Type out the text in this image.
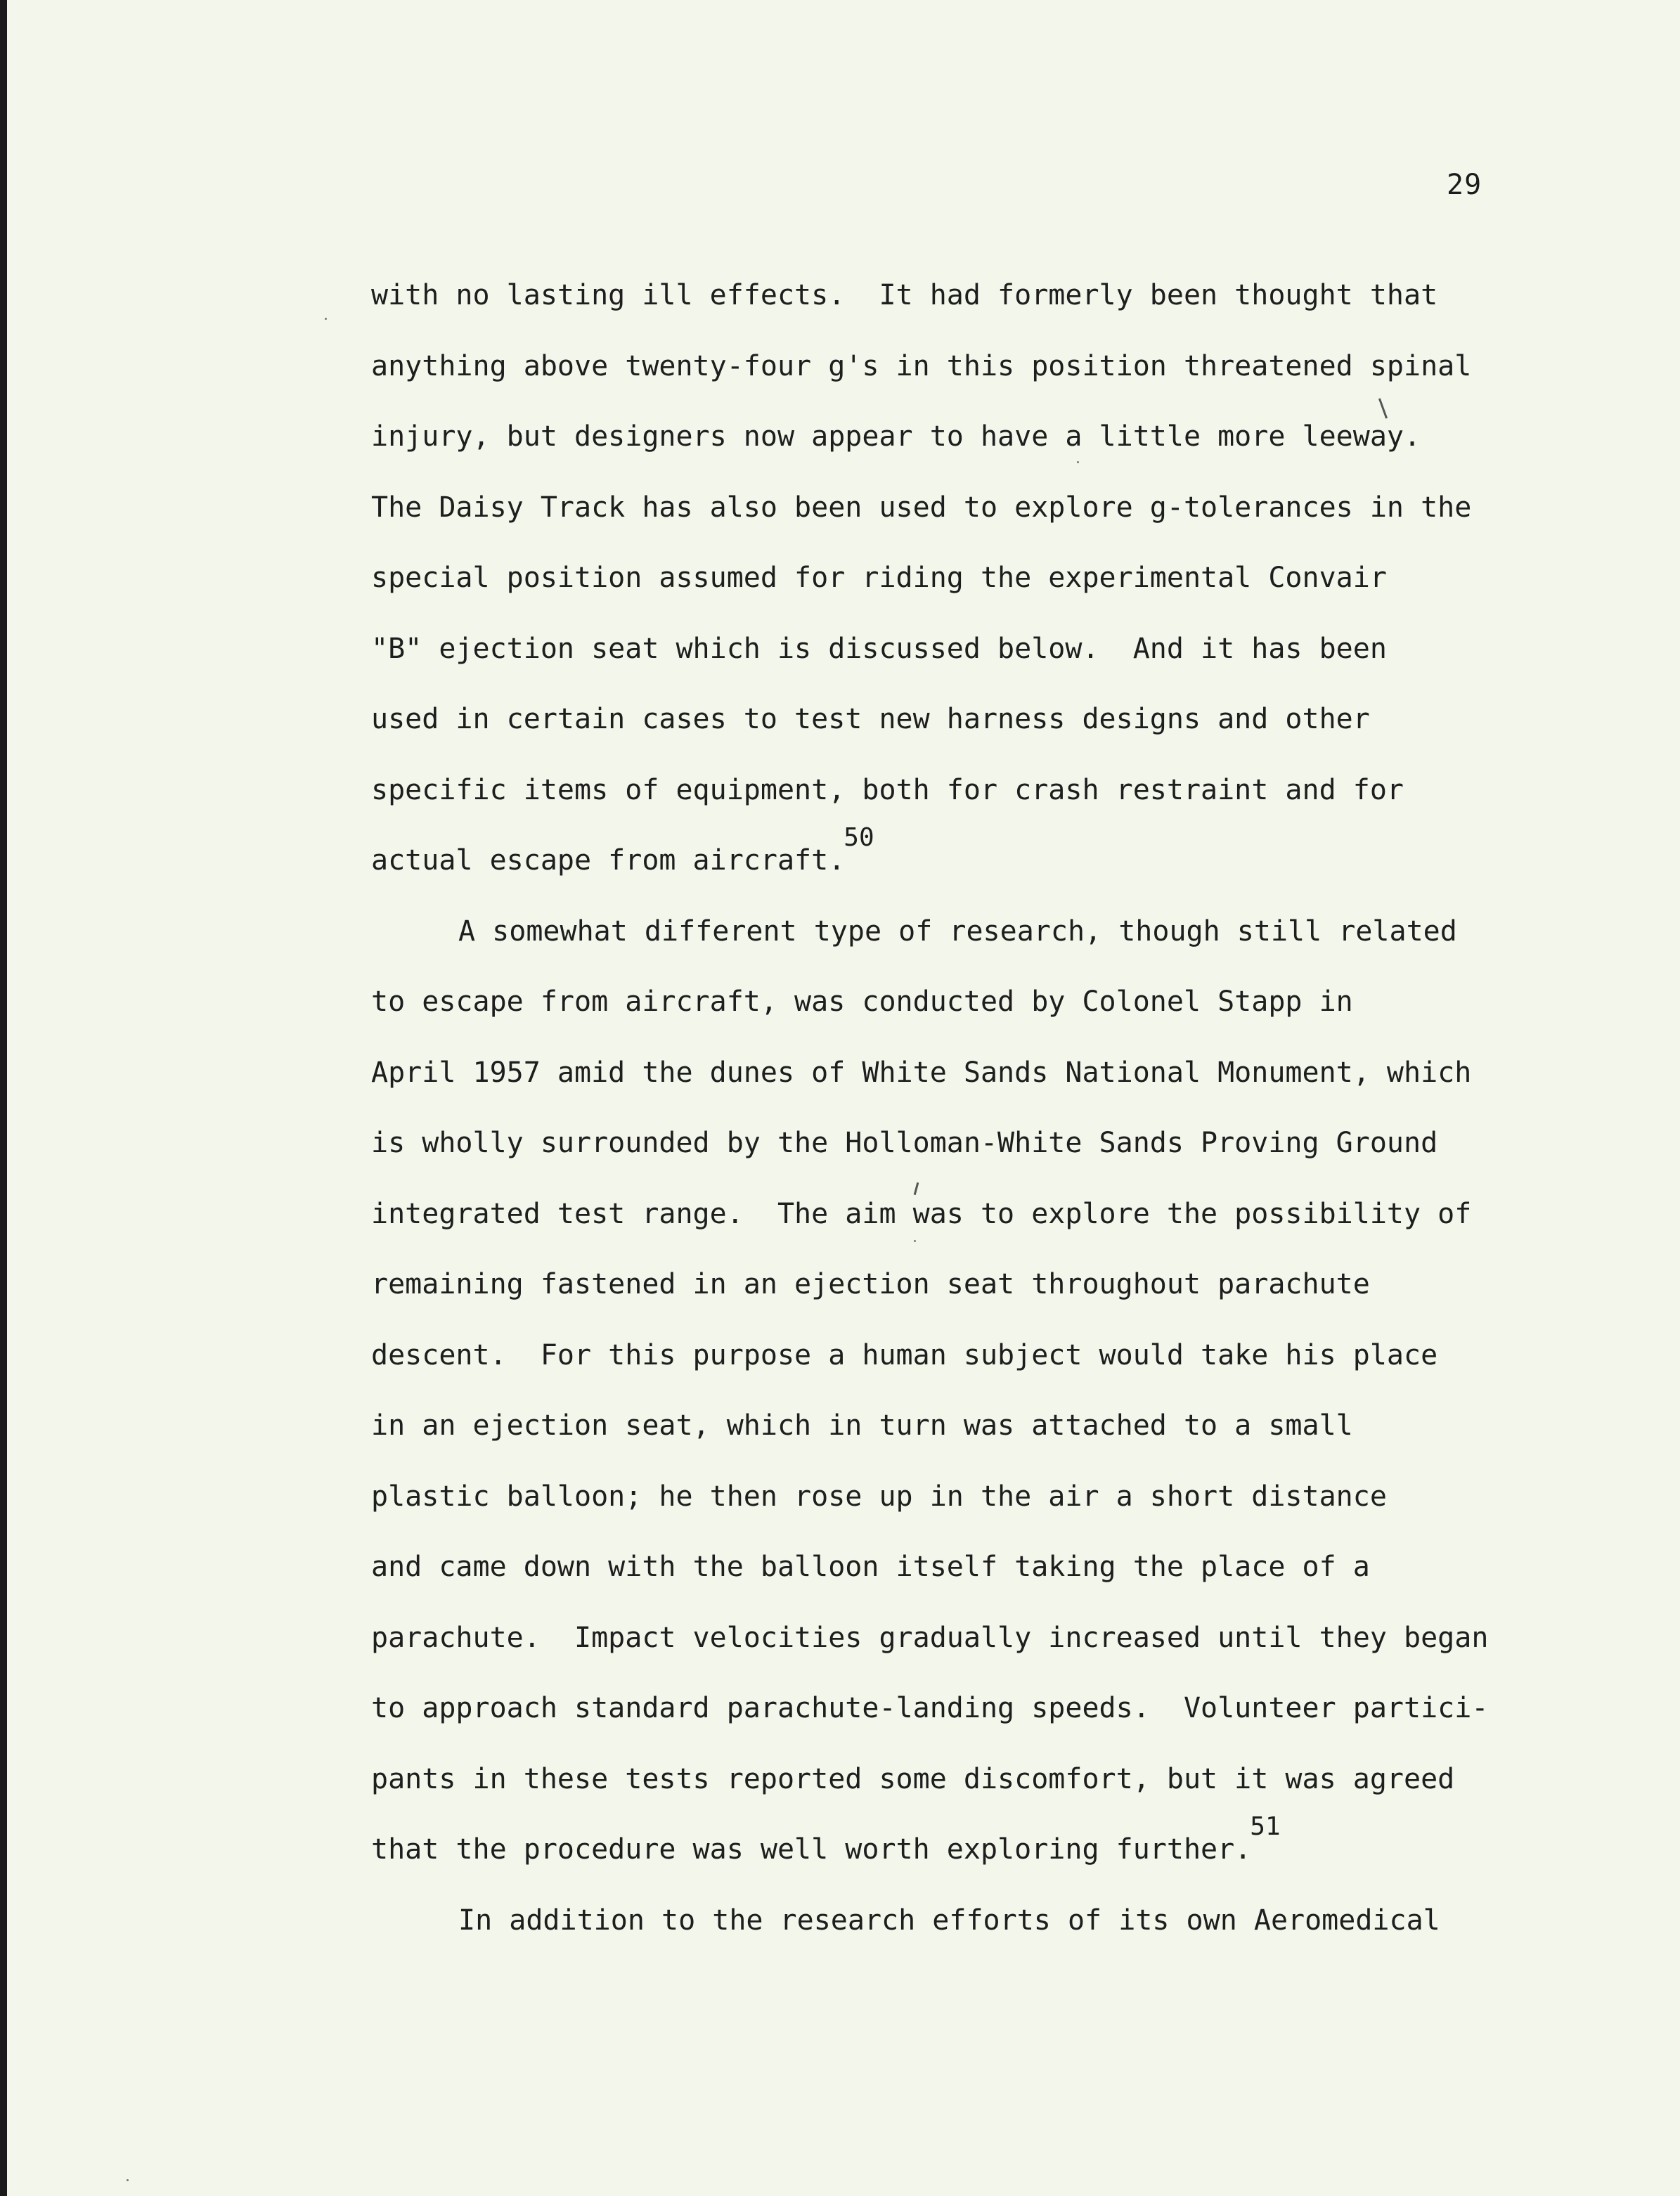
29
with no lasting ill effects.  It had formerly been thought that
anything above twenty-four g's in this position threatened spinal
injury, but designers now appear to have a little more leeway.
The Daisy Track has also been used to explore g-tolerances in the
special position assumed for riding the experimental Convair
"B" ejection seat which is discussed below.  And it has been
used in certain cases to test new harness designs and other
specific items of equipment, both for crash restraint and for
actual escape from aircraft.50
A somewhat different type of research, though still related
to escape from aircraft, was conducted by Colonel Stapp in
April 1957 amid the dunes of White Sands National Monument, which
is wholly surrounded by the Holloman-White Sands Proving Ground
integrated test range.  The aim was to explore the possibility of
remaining fastened in an ejection seat throughout parachute
descent.  For this purpose a human subject would take his place
in an ejection seat, which in turn was attached to a small
plastic balloon; he then rose up in the air a short distance
and came down with the balloon itself taking the place of a
parachute.  Impact velocities gradually increased until they began
to approach standard parachute-landing speeds.  Volunteer partici-
pants in these tests reported some discomfort, but it was agreed
that the procedure was well worth exploring further.51
In addition to the research efforts of its own Aeromedical
